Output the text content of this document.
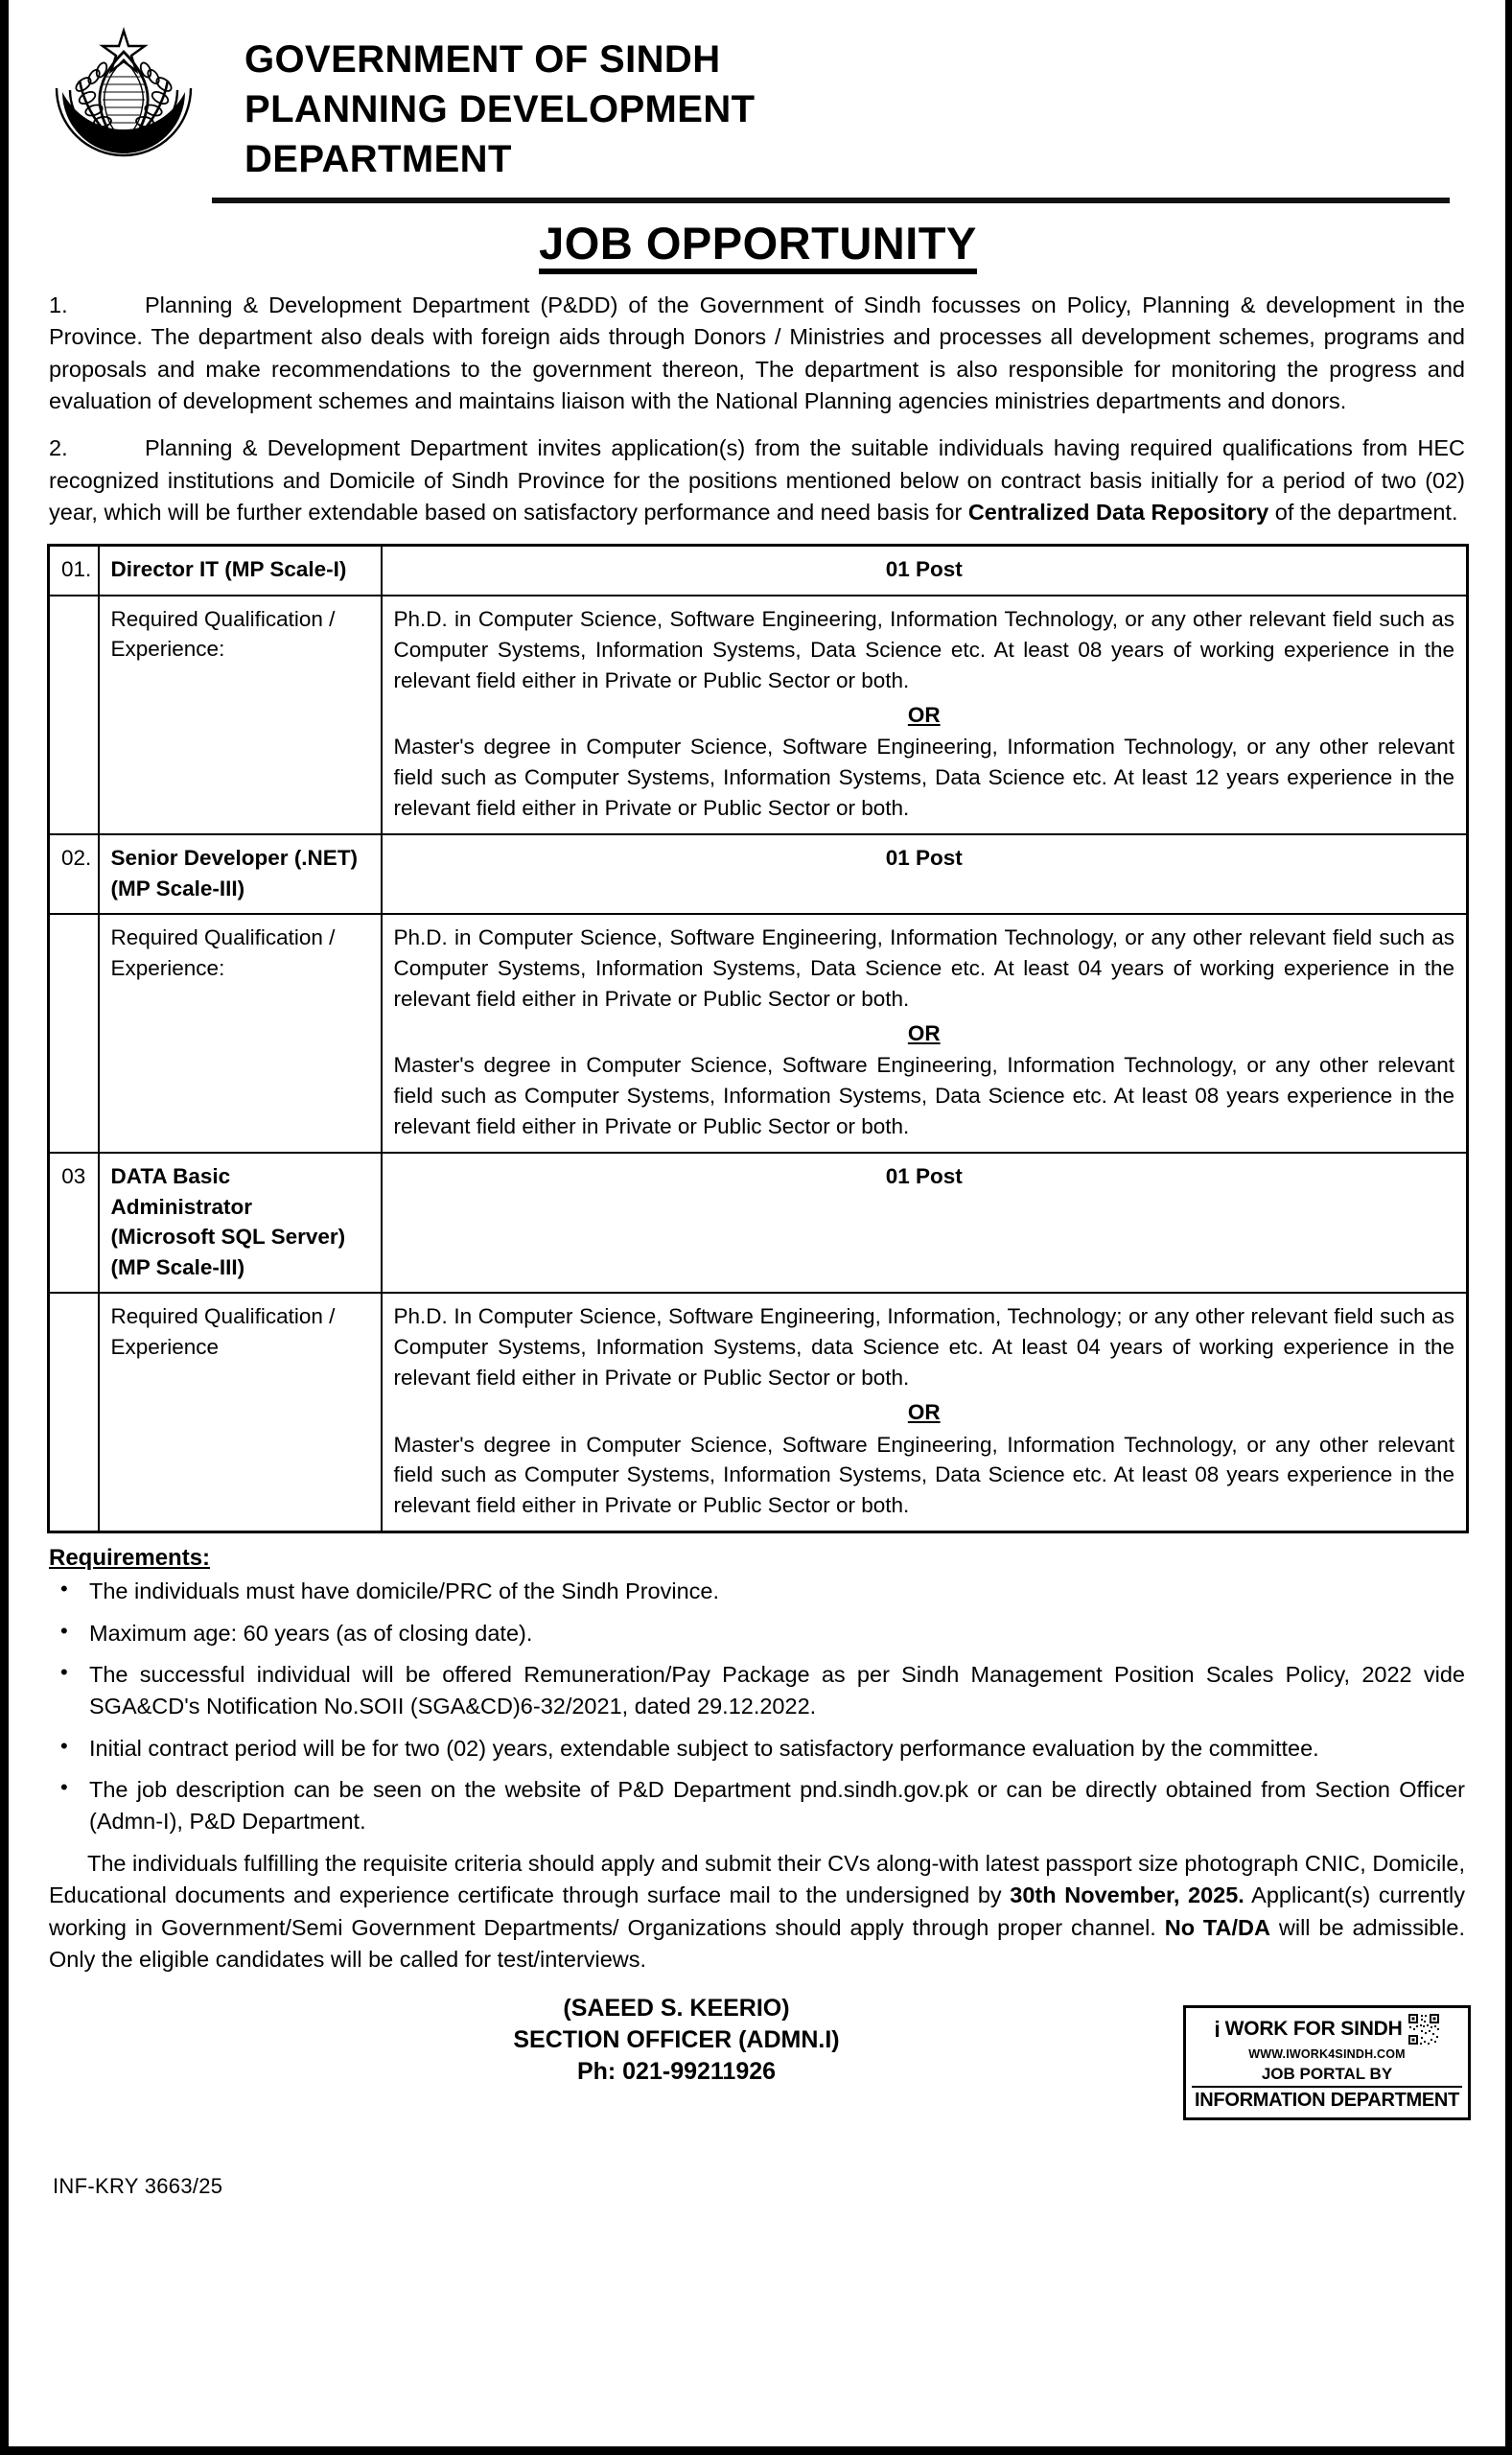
GOVERNMENT OF SINDH
PLANNING DEVELOPMENT
DEPARTMENT
JOB OPPORTUNITY
1.	Planning & Development Department (P&DD) of the Government of Sindh focusses on Policy, Planning & development in the Province. The department also deals with foreign aids through Donors / Ministries and processes all development schemes, programs and proposals and make recommendations to the government thereon, The department is also responsible for monitoring the progress and evaluation of development schemes and maintains liaison with the National Planning agencies ministries departments and donors.
2.	Planning & Development Department invites application(s) from the suitable individuals having required qualifications from HEC recognized institutions and Domicile of Sindh Province for the positions mentioned below on contract basis initially for a period of two (02) year, which will be further extendable based on satisfactory performance and need basis for Centralized Data Repository of the department.
01.	Director IT (MP Scale-I)	01 Post
	Required Qualification / Experience:	Ph.D. in Computer Science, Software Engineering, Information Technology, or any other relevant field such as Computer Systems, Information Systems, Data Science etc. At least 08 years of working experience in the relevant field either in Private or Public Sector or both.
OR
Master's degree in Computer Science, Software Engineering, Information Technology, or any other relevant field such as Computer Systems, Information Systems, Data Science etc. At least 12 years experience in the relevant field either in Private or Public Sector or both.

02.	Senior Developer (.NET)
(MP Scale-III)	01 Post
	Required Qualification / Experience:	Ph.D. in Computer Science, Software Engineering, Information Technology, or any other relevant field such as Computer Systems, Information Systems, Data Science etc. At least 04 years of working experience in the relevant field either in Private or Public Sector or both.
OR
Master's degree in Computer Science, Software Engineering, Information Technology, or any other relevant field such as Computer Systems, Information Systems, Data Science etc. At least 08 years experience in the relevant field either in Private or Public Sector or both.

03	DATA Basic Administrator
(Microsoft SQL Server)
(MP Scale-III)	01 Post
	Required Qualification / Experience	Ph.D. In Computer Science, Software Engineering, Information, Technology; or any other relevant field such as Computer Systems, Information Systems, data Science etc. At least 04 years of working experience in the relevant field either in Private or Public Sector or both.
OR
Master's degree in Computer Science, Software Engineering, Information Technology, or any other relevant field such as Computer Systems, Information Systems, Data Science etc. At least 08 years experience in the relevant field either in Private or Public Sector or both.
Requirements:
• The individuals must have domicile/PRC of the Sindh Province.
• Maximum age: 60 years (as of closing date).
• The successful individual will be offered Remuneration/Pay Package as per Sindh Management Position Scales Policy, 2022 vide SGA&CD's Notification No.SOII (SGA&CD)6-32/2021, dated 29.12.2022.
• Initial contract period will be for two (02) years, extendable subject to satisfactory performance evaluation by the committee.
• The job description can be seen on the website of P&D Department pnd.sindh.gov.pk or can be directly obtained from Section Officer (Admn-I), P&D Department.
The individuals fulfilling the requisite criteria should apply and submit their CVs along-with latest passport size photograph CNIC, Domicile, Educational documents and experience certificate through surface mail to the undersigned by 30th November, 2025. Applicant(s) currently working in Government/Semi Government Departments/ Organizations should apply through proper channel. No TA/DA will be admissible. Only the eligible candidates will be called for test/interviews.
(SAEED S. KEERIO)
SECTION OFFICER (ADMN.I)
Ph: 021-99211926
INF-KRY 3663/25
i WORK FOR SINDH
WWW.IWORK4SINDH.COM
JOB PORTAL BY
INFORMATION DEPARTMENT
